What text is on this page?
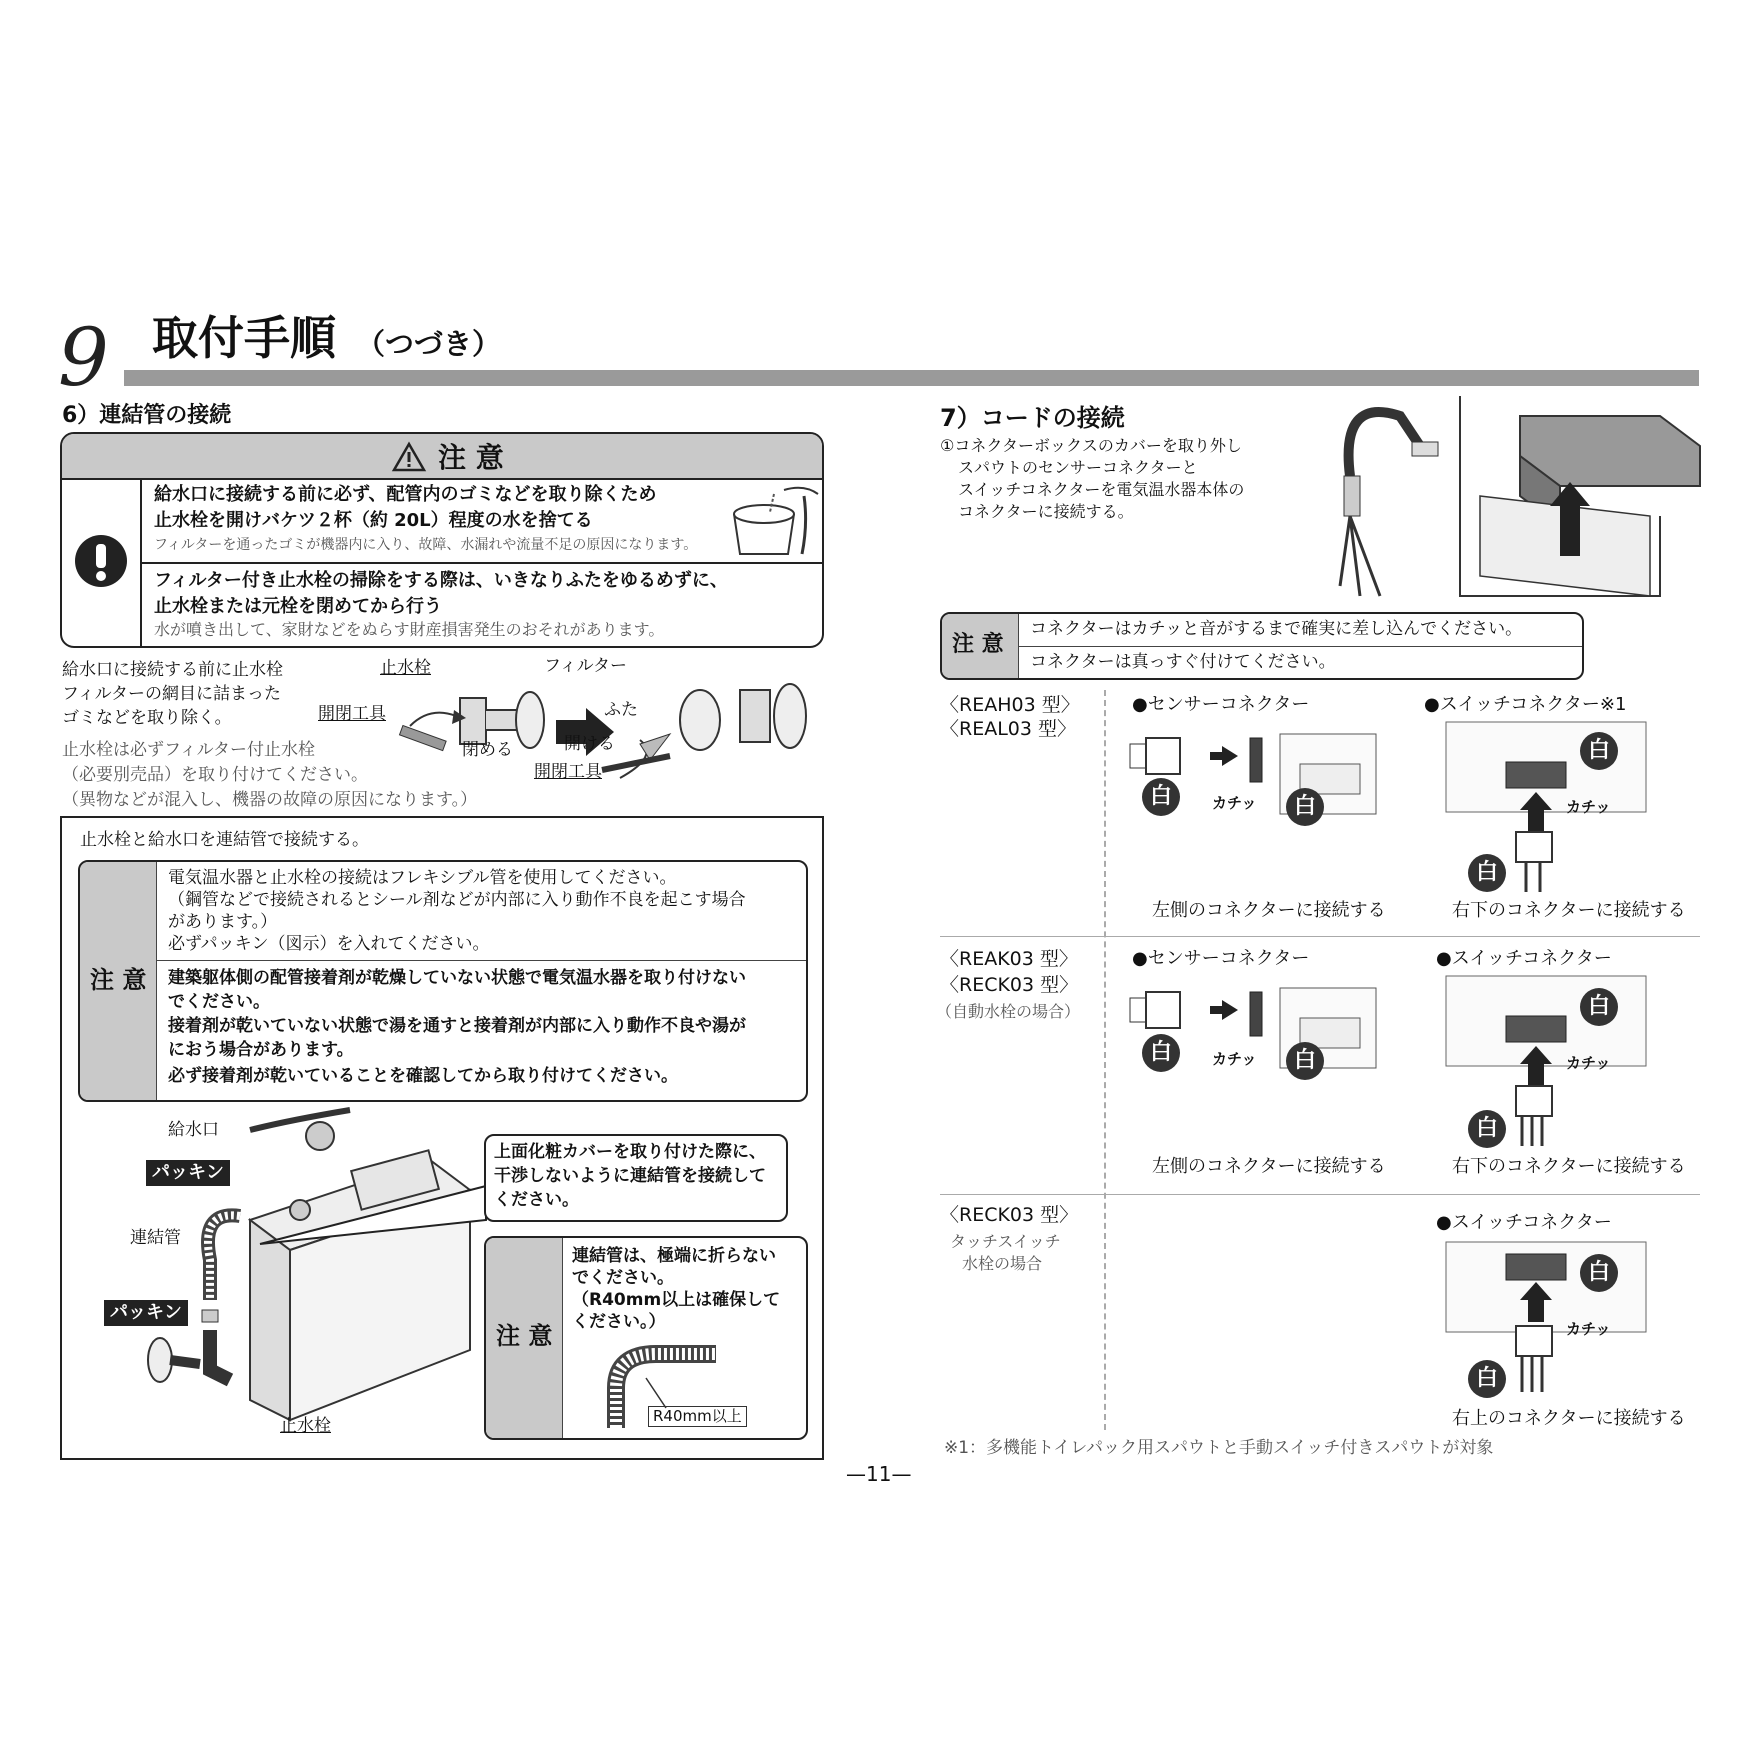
9 取付手順 （つづき）
6）連結管の接続
注 意
給水口に接続する前に必ず、配管内のゴミなどを取り除くため
止水栓を開けバケツ２杯（約 20L）程度の水を捨てる
フィルターを通ったゴミが機器内に入り、故障、水漏れや流量不足の原因になります。
フィルター付き止水栓の掃除をする際は、いきなりふたをゆるめずに、
止水栓または元栓を閉めてから行う
水が噴き出して、家財などをぬらす財産損害発生のおそれがあります。
給水口に接続する前に止水栓
フィルターの網目に詰まった
ゴミなどを取り除く。
止水栓は必ずフィルター付止水栓
（必要別売品）を取り付けてください。
（異物などが混入し、機器の故障の原因になります。）
止水栓
開閉工具
閉める
フィルター
ふた
開ける
開閉工具
止水栓と給水口を連結管で接続する。
注 意
電気温水器と止水栓の接続はフレキシブル管を使用してください。
（鋼管などで接続されるとシール剤などが内部に入り動作不良を起こす場合
があります。）
必ずパッキン（図示）を入れてください。
建築躯体側の配管接着剤が乾燥していない状態で電気温水器を取り付けない
でください。
接着剤が乾いていない状態で湯を通すと接着剤が内部に入り動作不良や湯が
におう場合があります。
必ず接着剤が乾いていることを確認してから取り付けてください。
給水口
パッキン
連結管
パッキン
止水栓
上面化粧カバーを取り付けた際に、
干渉しないように連結管を接続して
ください。
注 意
連結管は、極端に折らない
でください。
（R40mm以上は確保して
ください。）
R40mm以上
7）コードの接続
①コネクターボックスのカバーを取り外し
スパウトのセンサーコネクターと
スイッチコネクターを電気温水器本体の
コネクターに接続する。
注 意
コネクターはカチッと音がするまで確実に差し込んでください。
コネクターは真っすぐ付けてください。
〈REAH03 型〉
〈REAL03 型〉
●センサーコネクター	●スイッチコネクター※1
白	白
カチッ
白
白
カチッ
左側のコネクターに接続する	右下のコネクターに接続する
〈REAK03 型〉
〈RECK03 型〉
（自動水栓の場合）
●センサーコネクター	●スイッチコネクター
白	白
カチッ
白
白
カチッ
左側のコネクターに接続する	右下のコネクターに接続する
〈RECK03 型〉
タッチスイッチ
水栓の場合
●スイッチコネクター
白
白
カチッ
右上のコネクターに接続する
※1：多機能トイレパック用スパウトと手動スイッチ付きスパウトが対象
—11—
